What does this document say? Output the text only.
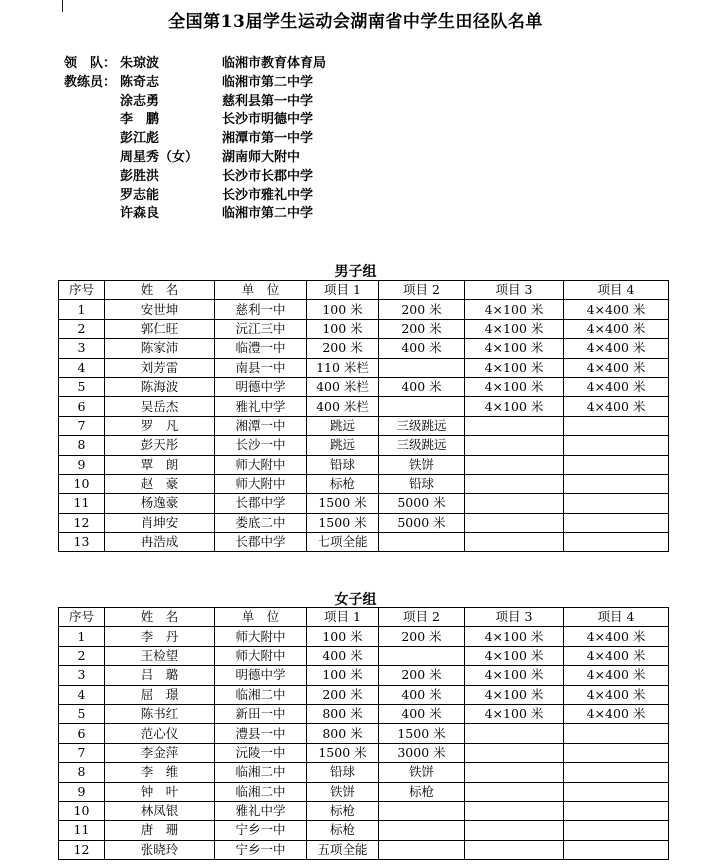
全国第13届学生运动会湖南省中学生田径队名单
领　队： 朱琼波	临湘市教育体育局
教练员： 陈奇志	临湘市第二中学
涂志勇	慈利县第一中学
李　鹏	长沙市明德中学
彭江彪	湘潭市第一中学
周星秀（女） 湖南师大附中
彭胜洪	长沙市长郡中学
罗志能	长沙市雅礼中学
许森良	临湘市第二中学
男子组
序号	姓　名	单　位	项目 1	项目 2	项目 3	项目 4
1	安世坤	慈利一中	100 米	200 米	4×100 米	4×400 米
2	郭仁旺	沅江三中	100 米	200 米	4×100 米	4×400 米
3	陈家沛	临澧一中	200 米	400 米	4×100 米	4×400 米
4	刘芳雷	南县一中	110 米栏		4×100 米	4×400 米
5	陈海波	明德中学	400 米栏	400 米	4×100 米	4×400 米
6	吴岳杰	雅礼中学	400 米栏		4×100 米	4×400 米
7	罗　凡	湘潭一中	跳远	三级跳远		
8	彭天彤	长沙一中	跳远	三级跳远		
9	覃　朗	师大附中	铅球	铁饼		
10	赵　豪	师大附中	标枪	铅球		
11	杨逸豪	长郡中学	1500 米	5000 米		
12	肖坤安	娄底二中	1500 米	5000 米		
13	冉浩成	长郡中学	七项全能			
女子组
序号	姓　名	单　位	项目 1	项目 2	项目 3	项目 4
1	李　丹	师大附中	100 米	200 米	4×100 米	4×400 米
2	王检望	师大附中	400 米		4×100 米	4×400 米
3	吕　璐	明德中学	100 米	200 米	4×100 米	4×400 米
4	屈　璟	临湘二中	200 米	400 米	4×100 米	4×400 米
5	陈书红	新田一中	800 米	400 米	4×100 米	4×400 米
6	范心仪	澧县一中	800 米	1500 米		
7	李金萍	沅陵一中	1500 米	3000 米		
8	李　维	临湘二中	铅球	铁饼		
9	钟　叶	临湘二中	铁饼	标枪		
10	林凤银	雅礼中学	标枪			
11	唐　珊	宁乡一中	标枪			
12	张晓玲	宁乡一中	五项全能			
